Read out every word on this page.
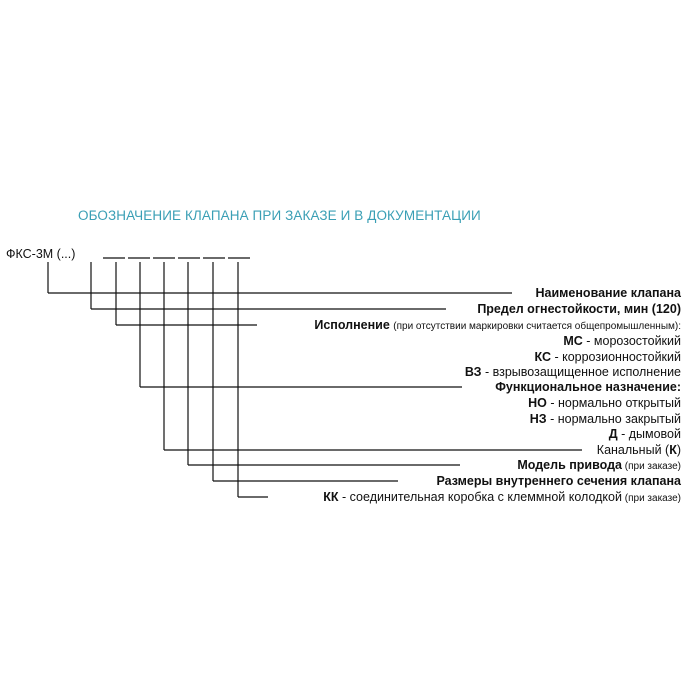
ОБОЗНАЧЕНИЕ КЛАПАНА ПРИ ЗАКАЗЕ И В ДОКУМЕНТАЦИИ
ФКС-3М (...)
Наименование клапана
Предел огнестойкости, мин (120)
Исполнение (при отсутствии маркировки считается общепромышленным):
МС - морозостойкий
КС - коррозионностойкий
ВЗ - взрывозащищенное исполнение
Функциональное назначение:
НО - нормально открытый
НЗ - нормально закрытый
Д - дымовой
Канальный (К)
Модель привода (при заказе)
Размеры внутреннего сечения клапана
КК - соединительная коробка с клеммной колодкой (при заказе)
